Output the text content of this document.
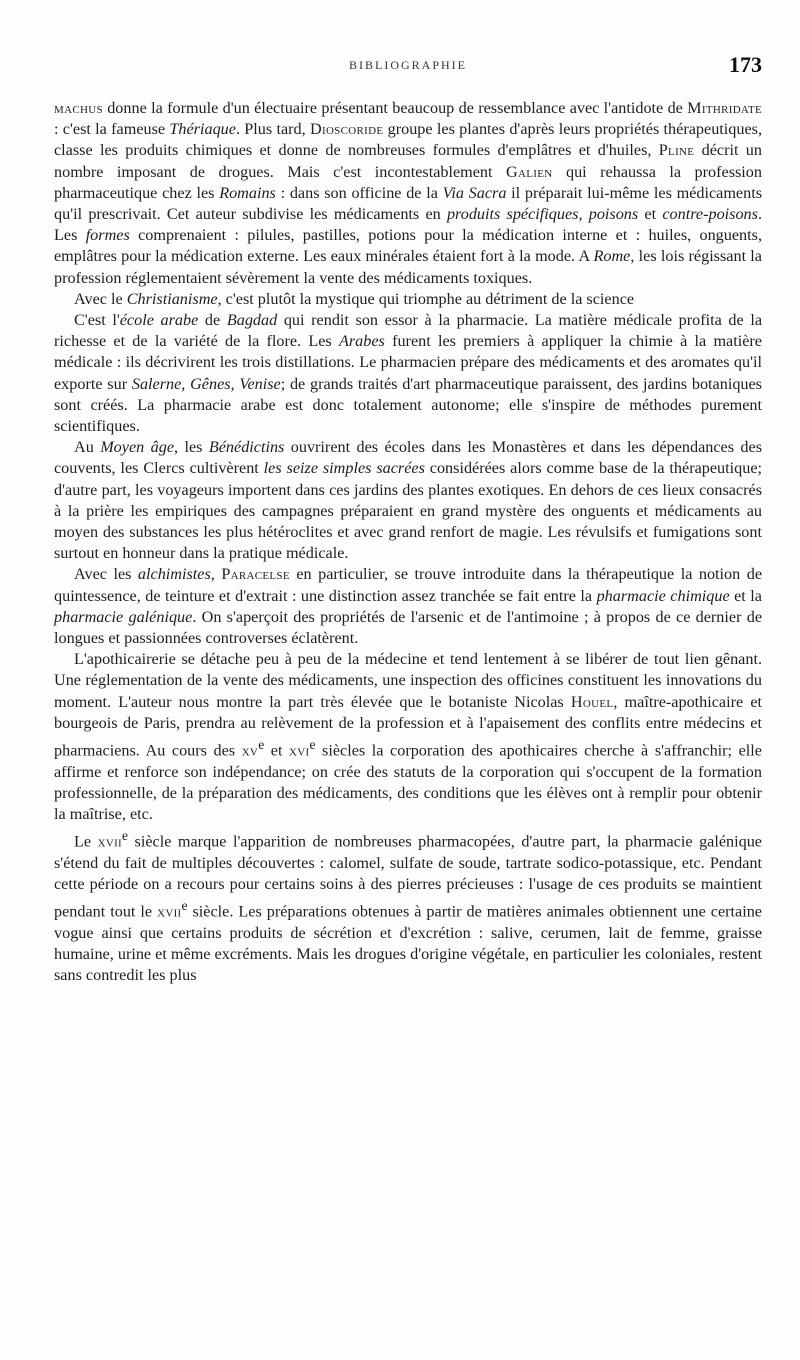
BIBLIOGRAPHIE	173

machus donne la formule d'un électuaire présentant beaucoup de ressemblance avec l'antidote de Mithridate : c'est la fameuse Thériaque. Plus tard, Dioscoride groupe les plantes d'après leurs propriétés thérapeutiques, classe les produits chimiques et donne de nombreuses formules d'emplâtres et d'huiles, Pline décrit un nombre imposant de drogues. Mais c'est incontestablement Galien qui rehaussa la profession pharmaceutique chez les Romains : dans son officine de la Via Sacra il préparait lui-même les médicaments qu'il prescrivait. Cet auteur subdivise les médicaments en produits spécifiques, poisons et contre-poisons. Les formes comprenaient : pilules, pastilles, potions pour la médication interne et : huiles, onguents, emplâtres pour la médication externe. Les eaux minérales étaient fort à la mode. A Rome, les lois régissant la profession réglementaient sévèrement la vente des médicaments toxiques.

Avec le Christianisme, c'est plutôt la mystique qui triomphe au détriment de la science

C'est l'école arabe de Bagdad qui rendit son essor à la pharmacie. La matière médicale profita de la richesse et de la variété de la flore. Les Arabes furent les premiers à appliquer la chimie à la matière médicale : ils décrivirent les trois distillations. Le pharmacien prépare des médicaments et des aromates qu'il exporte sur Salerne, Gênes, Venise; de grands traités d'art pharmaceutique paraissent, des jardins botaniques sont créés. La pharmacie arabe est donc totalement autonome; elle s'inspire de méthodes purement scientifiques.

Au Moyen âge, les Bénédictins ouvrirent des écoles dans les Monastères et dans les dépendances des couvents, les Clercs cultivèrent les seize simples sacrées considérées alors comme base de la thérapeutique; d'autre part, les voyageurs importent dans ces jardins des plantes exotiques. En dehors de ces lieux consacrés à la prière les empiriques des campagnes préparaient en grand mystère des onguents et médicaments au moyen des substances les plus hétéroclites et avec grand renfort de magie. Les révulsifs et fumigations sont surtout en honneur dans la pratique médicale.

Avec les alchimistes, Paracelse en particulier, se trouve introduite dans la thérapeutique la notion de quintessence, de teinture et d'extrait : une distinction assez tranchée se fait entre la pharmacie chimique et la pharmacie galénique. On s'aperçoit des propriétés de l'arsenic et de l'antimoine ; à propos de ce dernier de longues et passionnées controverses éclatèrent.

L'apothicairerie se détache peu à peu de la médecine et tend lentement à se libérer de tout lien gênant. Une réglementation de la vente des médicaments, une inspection des officines constituent les innovations du moment. L'auteur nous montre la part très élevée que le botaniste Nicolas Houel, maître-apothicaire et bourgeois de Paris, prendra au relèvement de la profession et à l'apaisement des conflits entre médecins et pharmaciens. Au cours des $xv^e$ et xvi$^e$ siècles la corporation des apothicaires cherche à s'affranchir; elle affirme et renforce son indépendance; on crée des statuts de la corporation qui s'occupent de la formation professionnelle, de la préparation des médicaments, des conditions que les élèves ont à remplir pour obtenir la maîtrise, etc.

Le xvii$^e$ siècle marque l'apparition de nombreuses pharmacopées, d'autre part, la pharmacie galénique s'étend du fait de multiples découvertes : calomel, sulfate de soude, tartrate sodico-potassique, etc. Pendant cette période on a recours pour certains soins à des pierres précieuses : l'usage de ces produits se maintient pendant tout le xvii$^e$ siècle. Les préparations obtenues à partir de matières animales obtiennent une certaine vogue ainsi que certains produits de sécrétion et d'excrétion : salive, cerumen, lait de femme, graisse humaine, urine et même excréments. Mais les drogues d'origine végétale, en particulier les coloniales, restent sans contredit les plus
